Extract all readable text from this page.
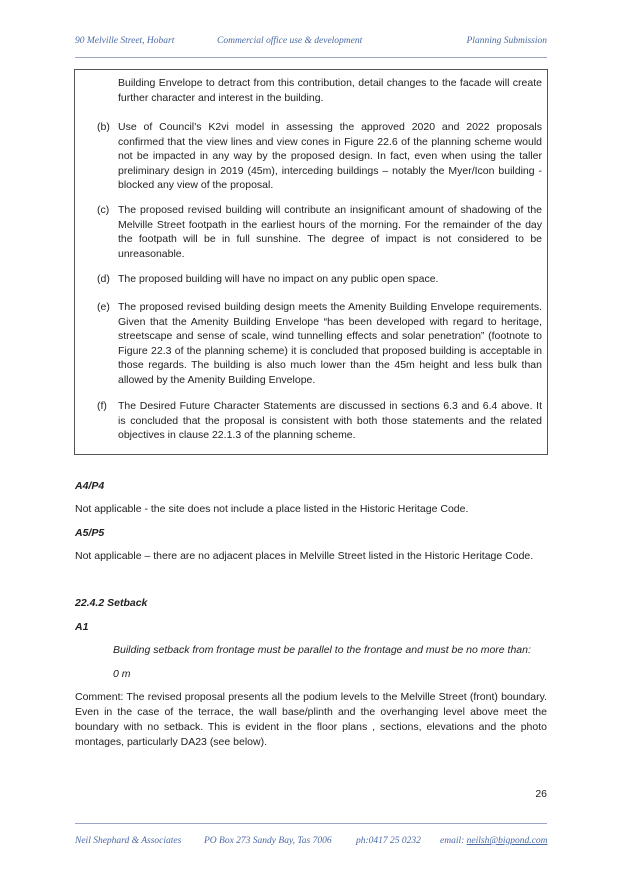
90 Melville Street, Hobart	Commercial office use & development	Planning Submission
Building Envelope to detract from this contribution, detail changes to the facade will create further character and interest in the building.
(b) Use of Council’s K2vi model in assessing the approved 2020 and 2022 proposals confirmed that the view lines and view cones in Figure 22.6 of the planning scheme would not be impacted in any way by the proposed design. In fact, even when using the taller preliminary design in 2019 (45m), interceding buildings – notably the Myer/Icon building - blocked any view of the proposal.
(c) The proposed revised building will contribute an insignificant amount of shadowing of the Melville Street footpath in the earliest hours of the morning. For the remainder of the day the footpath will be in full sunshine. The degree of impact is not considered to be unreasonable.
(d) The proposed building will have no impact on any public open space.
(e) The proposed revised building design meets the Amenity Building Envelope requirements. Given that the Amenity Building Envelope “has been developed with regard to heritage, streetscape and sense of scale, wind tunnelling effects and solar penetration” (footnote to Figure 22.3 of the planning scheme) it is concluded that proposed building is acceptable in those regards. The building is also much lower than the 45m height and less bulk than allowed by the Amenity Building Envelope.
(f) The Desired Future Character Statements are discussed in sections 6.3 and 6.4 above. It is concluded that the proposal is consistent with both those statements and the related objectives in clause 22.1.3 of the planning scheme.
A4/P4
Not applicable - the site does not include a place listed in the Historic Heritage Code.
A5/P5
Not applicable – there are no adjacent places in Melville Street listed in the Historic Heritage Code.
22.4.2 Setback
A1
Building setback from frontage must be parallel to the frontage and must be no more than:
0 m
Comment: The revised proposal presents all the podium levels to the Melville Street (front) boundary. Even in the case of the terrace, the wall base/plinth and the overhanging level above meet the boundary with no setback. This is evident in the floor plans , sections, elevations and the photo montages, particularly DA23 (see below).
26
Neil Shephard & Associates PO Box 273 Sandy Bay, Tas 7006	ph:0417 25 0232 email: neilsh@bigpond.com
